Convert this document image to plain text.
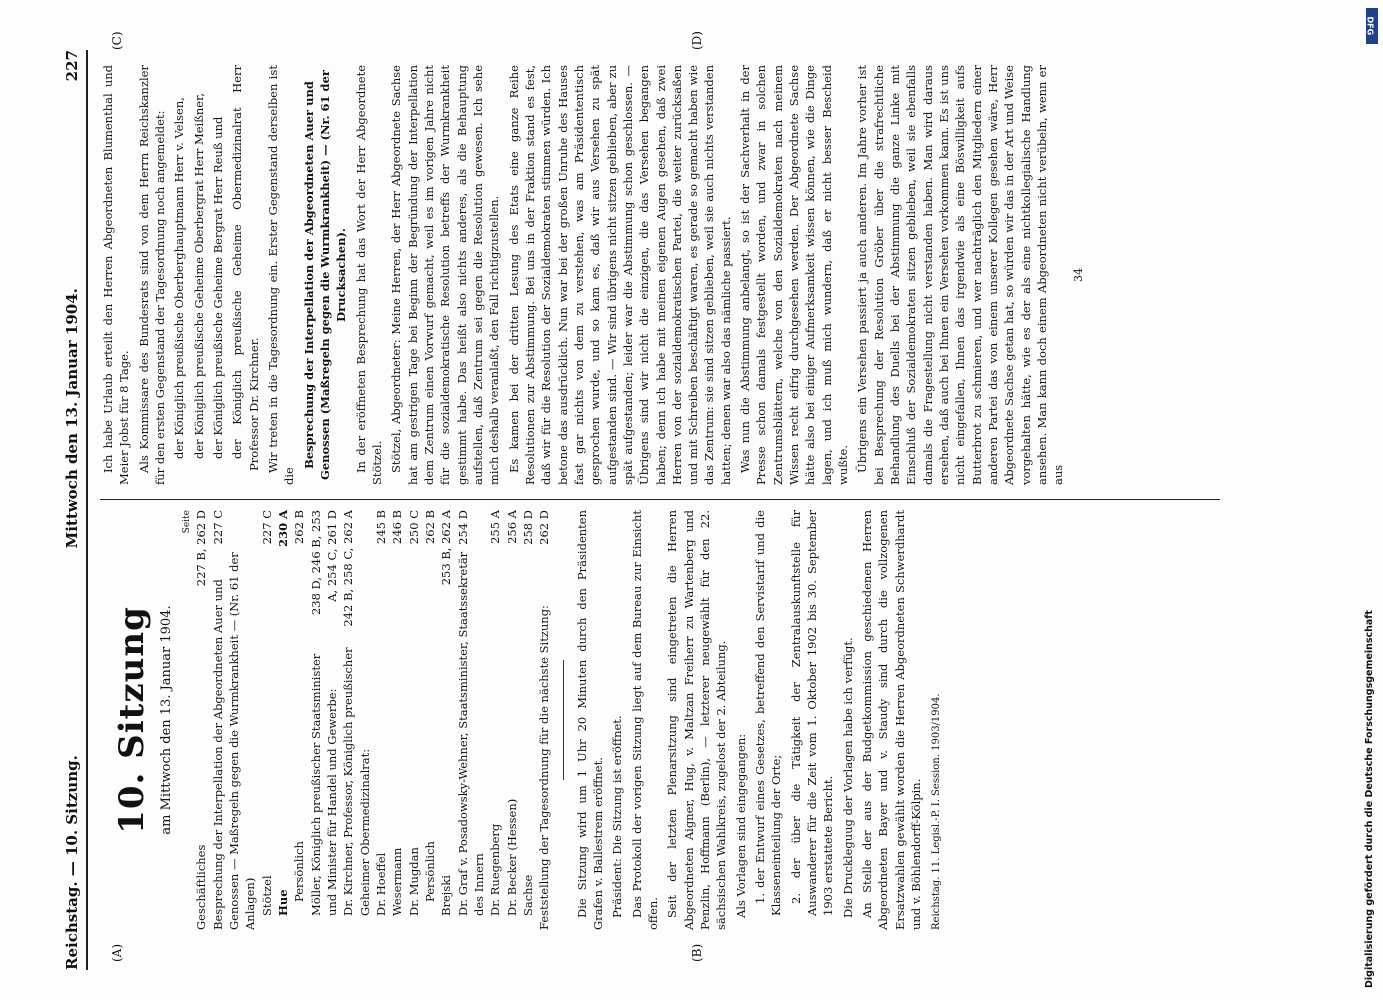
Reichstag. — 10. Sitzung.
Mittwoch den 13. Januar 1904.
227
(A)	(B)
(C)	(D)
10. Sitzung am Mittwoch den 13. Januar 1904.
Seite
Geschäftliches
227 B, 262 D
Besprechung der Interpellation der Abgeordneten Auer und Genossen — Maßregeln gegen die Wurmkrankheit — (Nr. 61 der Anlagen)
227 C
Stötzel
227 C
Hue
230 A
Persönlich
262 B
Möller, Königlich preußischer Staatsminister und Minister für Handel und Gewerbe:
238 D, 246 B, 253 A, 254 C, 261 D
Dr. Kirchner, Professor, Königlich preußischer Geheimer Obermedizinalrat:
242 B, 258 C, 262 A
Dr. Hoeffel
245 B
Wesermann
246 B
Dr. Mugdan
250 C
Persönlich
262 B
Brejski
253 B, 262 A
Dr. Graf v. Posadowsky-Wehner, Staatsminister, Staatssekretär des Innern
254 D
Dr. Ruegenberg
255 A
Dr. Becker (Hessen)
256 A
Sachse
258 D
Feststellung der Tagesordnung für die nächste Sitzung:
262 D Die Sitzung wird um 1 Uhr 20 Minuten durch den Präsidenten Grafen v. Ballestrem eröffnet. Präsident: Die Sitzung ist eröffnet. Das Protokoll der vorigen Sitzung liegt auf dem Bureau zur Einsicht offen. Seit der letzten Plenarsitzung sind eingetreten die Herren Abgeordneten Aigner, Hug, v. Maltzan Freiherr zu Wartenberg und Penzlin, Hoffmann (Berlin), — letzterer neugewählt für den 22. sächsischen Wahlkreis, zugelost der 2. Abteilung. Als Vorlagen sind eingegangen: 1. der Entwurf eines Gesetzes, betreffend den Servistarif und die Klasseneinteilung der Orte; 2. der über die Tätigkeit der Zentralauskunftstelle für Auswanderer für die Zeit vom 1. Oktober 1902 bis 30. September 1903 erstattete Bericht. Die Druckleguug der Vorlagen habe ich verfügt. An Stelle der aus der Budgetkommission geschiedenen Herren Abgeordneten Bayer und v. Staudy sind durch die vollzogenen Ersatzwahlen gewählt worden die Herren Abgeordneten Schwerdhardt und v. Böhlendorff-Kölpin. Reichstag. 11. Legisl.-P. I. Session. 1903/1904.

Ich habe Urlaub erteilt den Herren Abgeordneten Blumenthal und Meier Jobst für 8 Tage. Als Kommissare des Bundesrats sind von dem Herrn Reichskanzler für den ersten Gegenstand der Tagesordnung noch angemeldet: der Königlich preußische Oberberghauptmann Herr v. Velsen, der Königlich preußische Geheime Oberbergrat Herr Meißner, der Königlich preußische Geheime Bergrat Herr Reuß und der Königlich preußische Geheime Obermedizinalrat Herr Professor Dr. Kirchner. Wir treten in die Tagesordnung ein. Erster Gegenstand derselben ist die

Besprechung der Interpellation der Abgeordneten Auer und Genossen (Maßregeln gegen die Wurmkrankheit) — (Nr. 61 der Drucksachen). In der eröffneten Besprechung hat das Wort der Herr Abgeordnete Stötzel. Stötzel, Abgeordneter: Meine Herren, der Herr Abgeordnete Sachse hat am gestrigen Tage bei Beginn der Begründung der Interpellation dem Zentrum einen Vorwurf gemacht, weil es im vorigen Jahre nicht für die sozialdemokratische Resolution betreffs der Wurmkrankheit gestimmt habe. Das heißt also nichts anderes, als die Behauptung aufstellen, daß Zentrum sei gegen die Resolution gewesen. Ich sehe mich deshalb veranlaßt, den Fall richtigzustellen. Es kamen bei der dritten Lesung des Etats eine ganze Reihe Resolutionen zur Abstimmung. Bei uns in der Fraktion stand es fest, daß wir für die Resolution der Sozialdemokraten stimmen würden. Ich betone das ausdrücklich. Nun war bei der großen Unruhe des Hauses fast gar nichts von dem zu verstehen, was am Präsidententisch gesprochen wurde, und so kam es, daß wir aus Versehen zu spät aufgestanden sind. — Wir sind übrigens nicht sitzen geblieben, aber zu spät aufgestanden; leider war die Abstimmung schon geschlossen. — Übrigens sind wir nicht die einzigen, die das Versehen begangen haben; denn ich habe mit meinen eigenen Augen gesehen, daß zwei Herren von der sozialdemokratischen Partei, die weiter zurücksaßen und mit Schreiben beschäftigt waren, es gerade so gemacht haben wie das Zentrum: sie sind sitzen geblieben, weil sie auch nichts verstanden hatten; denen war also das nämliche passiert. Was nun die Abstimmung anbelangt, so ist der Sachverhalt in der Presse schon damals festgestellt worden, und zwar in solchen Zentrumsblättern, welche von den Sozialdemokraten nach meinem Wissen recht eifrig durchgesehen werden. Der Abgeordnete Sachse hätte also bei einiger Aufmerksamkeit wissen können, wie die Dinge lagen, und ich muß mich wundern, daß er nicht besser Bescheid wußte. Übrigens ein Versehen passiert ja auch anderen. Im Jahre vorher ist bei Besprechung der Resolution Gröber über die strafrechtliche Behandlung des Duells bei der Abstimmung die ganze Linke mit Einschluß der Sozialdemokraten sitzen geblieben, weil sie ebenfalls damals die Fragestellung nicht verstanden haben. Man wird daraus ersehen, daß auch bei Ihnen ein Versehen vorkommen kann. Es ist uns nicht eingefallen, Ihnen das irgendwie als eine Böswilligkeit aufs Butterbrot zu schmieren, und wer nachträglich den Mitgliedern einer anderen Partei das von einem unserer Kollegen gesehen wäre, Herr Abgeordnete Sachse getan hat, so würden wir das in der Art und Weise vorgehalten hätte, wie es der als eine nichtkollegialische Handlung ansehen. Man kann doch einem Abgeordneten nicht verübeln, wenn er aus

34
DFG
Digitalisierung gefördert durch die Deutsche Forschungsgemeinschaft
